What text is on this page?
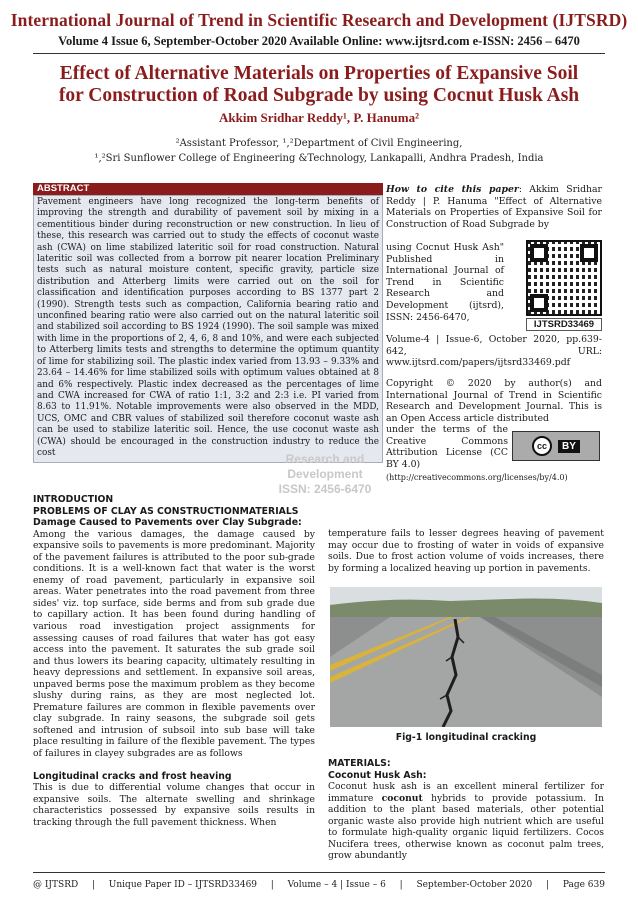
International Journal of Trend in Scientific Research and Development (IJTSRD)
Volume 4 Issue 6, September-October 2020 Available Online: www.ijtsrd.com e-ISSN: 2456 – 6470
Effect of Alternative Materials on Properties of Expansive Soil
for Construction of Road Subgrade by using Cocnut Husk Ash
Akkim Sridhar Reddy¹, P. Hanuma²
²Assistant Professor, ¹,²Department of Civil Engineering,
¹,²Sri Sunflower College of Engineering &Technology, Lankapalli, Andhra Pradesh, India
ABSTRACT
Pavement engineers have long recognized the long-term benefits of improving the strength and durability of pavement soil by mixing in a cementitious binder during reconstruction or new construction. In lieu of these, this research was carried out to study the effects of coconut waste ash (CWA) on lime stabilized lateritic soil for road construction. Natural lateritic soil was collected from a borrow pit nearer location Preliminary tests such as natural moisture content, specific gravity, particle size distribution and Atterberg limits were carried out on the soil for classification and identification purposes according to BS 1377 part 2 (1990). Strength tests such as compaction, California bearing ratio and unconfined bearing ratio were also carried out on the natural lateritic soil and stabilized soil according to BS 1924 (1990). The soil sample was mixed with lime in the proportions of 2, 4, 6, 8 and 10%, and were each subjected to Atterberg limits tests and strengths to determine the optimum quantity of lime for stabilizing soil. The plastic index varied from 13.93 – 9.33% and 23.64 – 14.46% for lime stabilized soils with optimum values obtained at 8 and 6% respectively. Plastic index decreased as the percentages of lime and CWA increased for CWA of ratio 1:1, 3:2 and 2:3 i.e. PI varied from 8.63 to 11.91%. Notable improvements were also observed in the MDD, UCS, OMC and CBR values of stabilized soil therefore coconut waste ash can be used to stabilize lateritic soil. Hence, the use coconut waste ash (CWA) should be encouraged in the construction industry to reduce the cost
How to cite this paper: Akkim Sridhar Reddy | P. Hanuma "Effect of Alternative Materials on Properties of Expansive Soil for Construction of Road Subgrade by
using Cocnut Husk Ash" Published in International Journal of Trend in Scientific Research and Development (ijtsrd), ISSN: 2456-6470,
Volume-4 | Issue-6, October 2020, pp.639-642, URL: www.ijtsrd.com/papers/ijtsrd33469.pdf
IJTSRD33469
Copyright © 2020 by author(s) and International Journal of Trend in Scientific Research and Development Journal. This is an Open Access article distributed
under the terms of the Creative Commons Attribution License (CC BY 4.0)
cc	BY
(http://creativecommons.org/licenses/by/4.0)
Research and
Development
ISSN: 2456-6470
INTRODUCTION
PROBLEMS OF CLAY AS CONSTRUCTIONMATERIALS
Damage Caused to Pavements over Clay Subgrade:
Among the various damages, the damage caused by expansive soils to pavements is more predominant. Majority of the pavement failures is attributed to the poor sub-grade conditions. It is a well-known fact that water is the worst enemy of road pavement, particularly in expansive soil areas. Water penetrates into the road pavement from three sides' viz. top surface, side berms and from sub grade due to capillary action. It has been found during handling of various road investigation project assignments for assessing causes of road failures that water has got easy access into the pavement. It saturates the sub grade soil and thus lowers its bearing capacity, ultimately resulting in heavy depressions and settlement. In expansive soil areas, unpaved berms pose the maximum problem as they become slushy during rains, as they are most neglected lot. Premature failures are common in flexible pavements over clay subgrade. In rainy seasons, the subgrade soil gets softened and intrusion of subsoil into sub base will take place resulting in failure of the flexible pavement. The types of failures in clayey subgrades are as follows
Longitudinal cracks and frost heaving
This is due to differential volume changes that occur in expansive soils. The alternate swelling and shrinkage characteristics possessed by expansive soils results in tracking through the full pavement thickness. When
temperature fails to lesser degrees heaving of pavement may occur due to frosting of water in voids of expansive soils. Due to frost action volume of voids increases, there by forming a localized heaving up portion in pavements.
Fig-1 longitudinal cracking
MATERIALS:
Coconut Husk Ash:
Coconut husk ash is an excellent mineral fertilizer for immature coconut hybrids to provide potassium. In addition to the plant based materials, other potential organic waste also provide high nutrient which are useful to formulate high-quality organic liquid fertilizers. Cocos Nucifera trees, otherwise known as coconut palm trees, grow abundantly
@ IJTSRD | Unique Paper ID – IJTSRD33469 | Volume – 4 | Issue – 6 | September-October 2020 | Page 639
